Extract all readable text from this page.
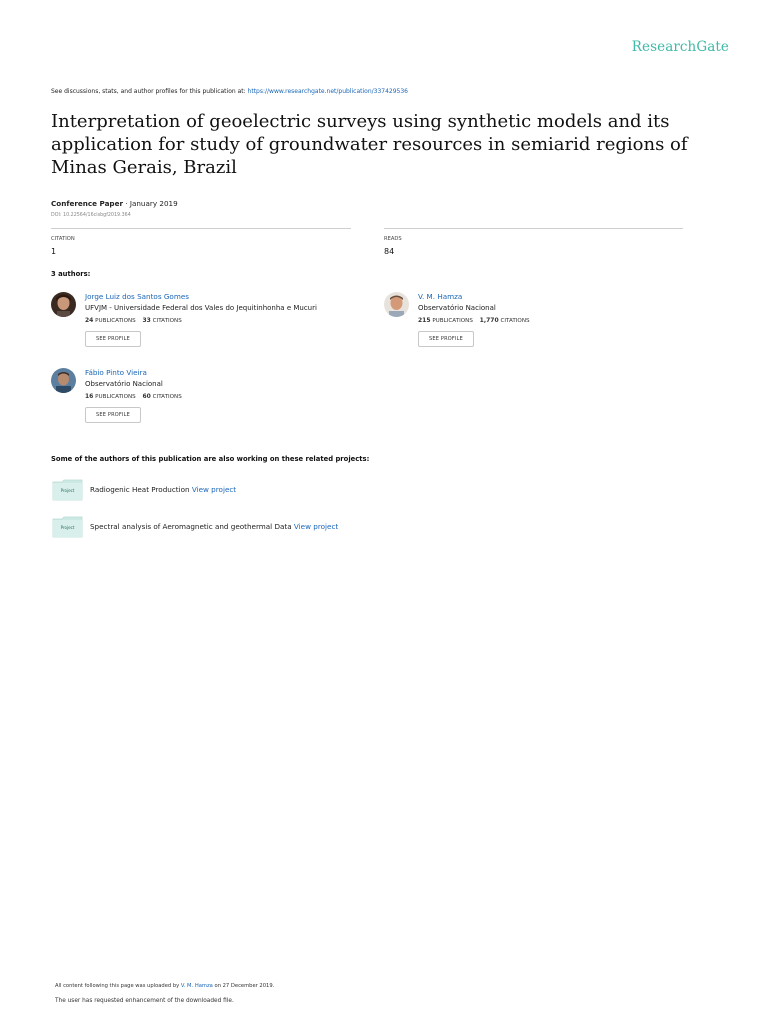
ResearchGate
See discussions, stats, and author profiles for this publication at: https://www.researchgate.net/publication/337429536
Interpretation of geoelectric surveys using synthetic models and its application for study of groundwater resources in semiarid regions of Minas Gerais, Brazil
Conference Paper · January 2019
DOI: 10.22564/16cisbgf2019.364
CITATION
1
READS
84
3 authors:
Jorge Luiz dos Santos Gomes
UFVJM - Universidade Federal dos Vales do Jequitinhonha e Mucuri
24 PUBLICATIONS 33 CITATIONS
SEE PROFILE
V. M. Hamza
Observatório Nacional
215 PUBLICATIONS 1,770 CITATIONS
SEE PROFILE
Fábio Pinto Vieira
Observatório Nacional
16 PUBLICATIONS 60 CITATIONS
SEE PROFILE
Some of the authors of this publication are also working on these related projects:
Project	Radiogenic Heat Production View project
Project	Spectral analysis of Aeromagnetic and geothermal Data View project
All content following this page was uploaded by V. M. Hamza on 27 December 2019.
The user has requested enhancement of the downloaded file.
